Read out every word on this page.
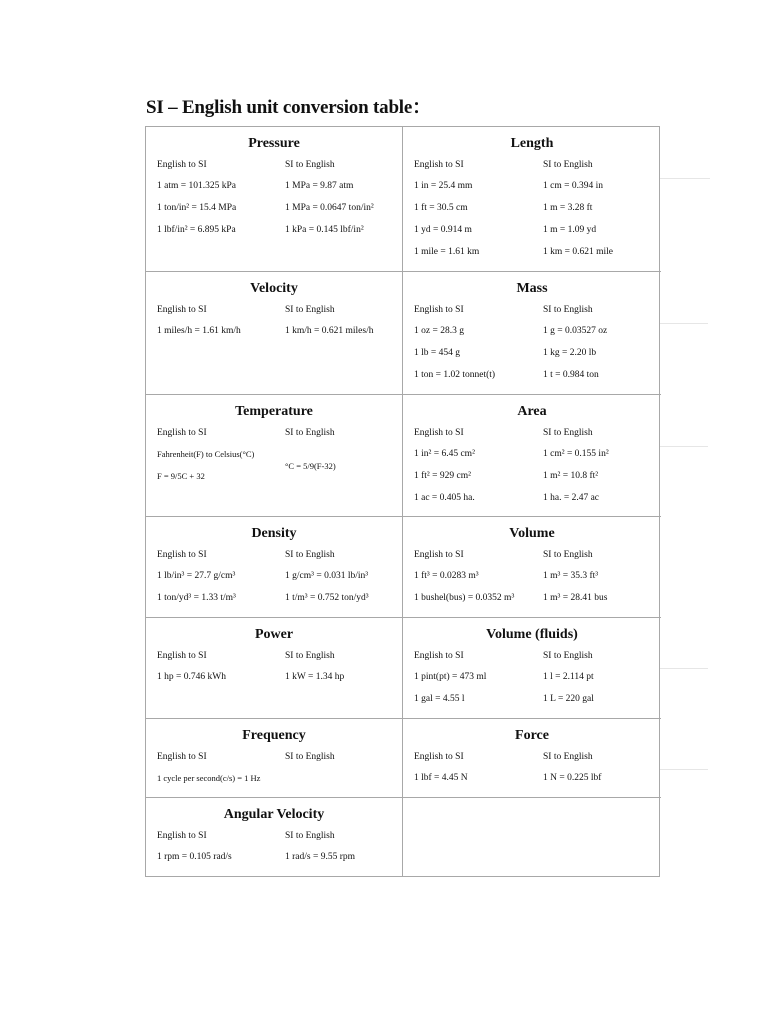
SI – English unit conversion table：
Pressure
English to SI
1 atm = 101.325 kPa
1 ton/in² = 15.4 MPa
1 lbf/in² = 6.895 kPa
SI to English
1 MPa = 9.87 atm
1 MPa = 0.0647 ton/in²
1 kPa = 0.145 lbf/in²
Length
English to SI
1 in = 25.4 mm
1 ft = 30.5 cm
1 yd = 0.914 m
1 mile = 1.61 km
SI to English
1 cm = 0.394 in
1 m = 3.28 ft
1 m = 1.09 yd
1 km = 0.621 mile
Velocity
English to SI
1 miles/h = 1.61 km/h
SI to English
1 km/h = 0.621 miles/h
Mass
English to SI
1 oz = 28.3 g
1 lb = 454 g
1 ton = 1.02 tonnet(t)
SI to English
1 g = 0.03527 oz
1 kg = 2.20 lb
1 t = 0.984 ton
Temperature
English to SI
Fahrenheit(F) to Celsius(°C)
F = 9/5C + 32
SI to English
°C = 5/9(F-32)
Area
English to SI
1 in² = 6.45 cm²
1 ft² = 929 cm²
1 ac = 0.405 ha.
SI to English
1 cm² = 0.155 in²
1 m² = 10.8 ft²
1 ha. = 2.47 ac
Density
English to SI
1 lb/in³ = 27.7 g/cm³
1 ton/yd³ = 1.33 t/m³
SI to English
1 g/cm³ = 0.031 lb/in³
1 t/m³ = 0.752 ton/yd³
Volume
English to SI
1 ft³ = 0.0283 m³
1 bushel(bus) = 0.0352 m³
SI to English
1 m³ = 35.3 ft³
1 m³ = 28.41 bus
Power
English to SI
1 hp = 0.746 kWh
SI to English
1 kW = 1.34 hp
Volume (fluids)
English to SI
1 pint(pt) = 473 ml
1 gal = 4.55 l
SI to English
1 l = 2.114 pt
1 L = 220 gal
Frequency
English to SI
1 cycle per second(c/s) = 1 Hz
SI to English
Force
English to SI
1 lbf = 4.45 N
SI to English
1 N = 0.225 lbf
Angular Velocity
English to SI
1 rpm = 0.105 rad/s
SI to English
1 rad/s = 9.55 rpm
